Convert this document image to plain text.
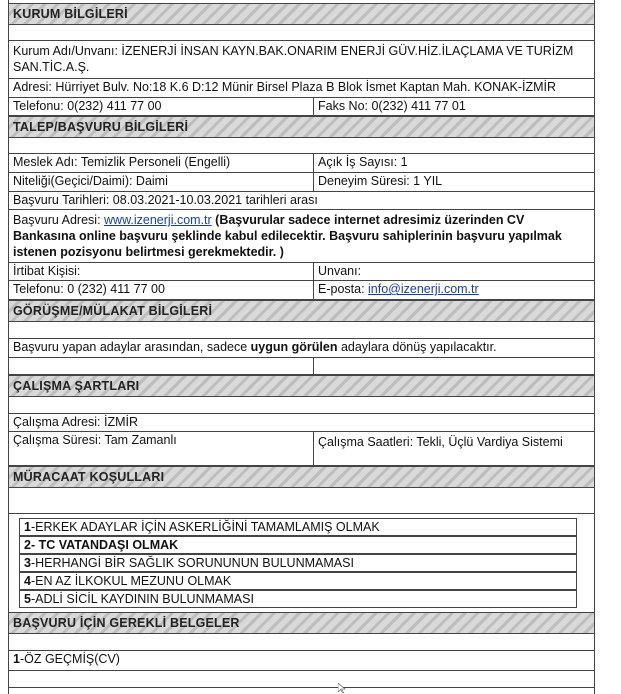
KURUM BİLGİLERİ
Kurum Adı/Unvanı: İZENERJİ İNSAN KAYN.BAK.ONARIM ENERJİ GÜV.HİZ.İLAÇLAMA VE TURİZM SAN.TİC.A.Ş.
Adresi: Hürriyet Bulv. No:18 K.6 D:12 Münir Birsel Plaza B Blok İsmet Kaptan Mah. KONAK-İZMİR
Telefonu: 0(232) 411 77 00	Faks No: 0(232) 411 77 01
TALEP/BAŞVURU BİLGİLERİ
Meslek Adı: Temizlik Personeli (Engelli)	Açık İş Sayısı: 1
Niteliği(Geçici/Daimi): Daimi	Deneyim Süresi: 1 YIL
Başvuru Tarihleri: 08.03.2021-10.03.2021 tarihleri arası
Başvuru Adresi: www.izenerji.com.tr (Başvurular sadece internet adresimiz üzerinden CV Bankasına online başvuru şeklinde kabul edilecektir. Başvuru sahiplerinin başvuru yapılmak istenen pozisyonu belirtmesi gerekmektedir. )
İrtibat Kişisi:	Unvanı:
Telefonu: 0 (232) 411 77 00	E-posta: info@izenerji.com.tr
GÖRÜŞME/MÜLAKAT BİLGİLERİ
Başvuru yapan adaylar arasından, sadece uygun görülen adaylara dönüş yapılacaktır.
ÇALIŞMA ŞARTLARI
Çalışma Adresi: İZMİR
Çalışma Süresi: Tam Zamanlı	Çalışma Saatleri: Tekli, Üçlü Vardiya Sistemi
MÜRACAAT KOŞULLARI
1-ERKEK ADAYLAR İÇİN ASKERLİĞİNİ TAMAMLAMIŞ OLMAK
2- TC VATANDAŞI OLMAK
3-HERHANGİ BİR SAĞLIK SORUNUNUN BULUNMAMASI
4-EN AZ İLKOKUL MEZUNU OLMAK
5-ADLİ SİCİL KAYDININ BULUNMAMASI
BAŞVURU İÇİN GEREKLİ BELGELER
1-ÖZ GEÇMİŞ(CV)
